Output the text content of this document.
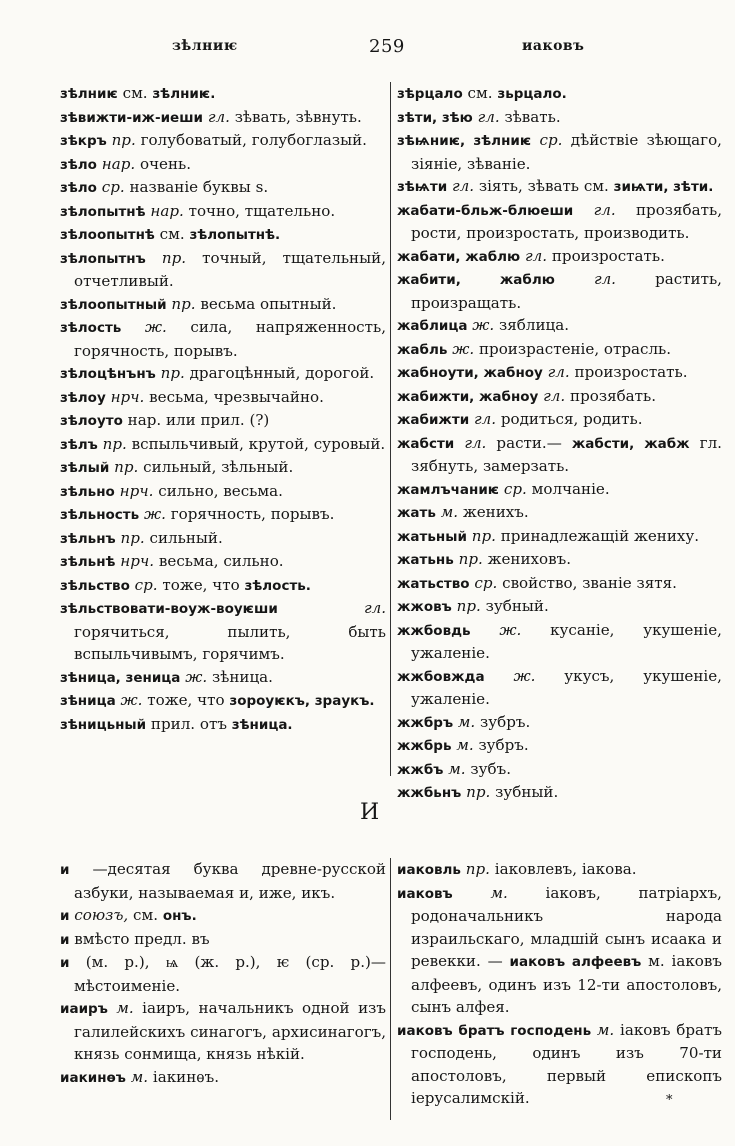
зѣлниѥ	259	иаковъ
зѣлниѥ см. зѣлниѥ.
зѣвижти-иж-иеши гл. зѣвать, зѣвнуть.
зѣкръ пр. голубоватый, голубоглазый.
зѣло нар. очень.
зѣло ср. названіе буквы s.
зѣлопытнѣ нар. точно, тщательно.
зѣлоопытнѣ см. зѣлопытнѣ.
зѣлопытнъ пр. точный, тщательный, отчетливый.
зѣлоопытный пр. весьма опытный.
зѣлость ж. сила, напряженность, горячность, порывъ.
зѣлоцѣнънъ пр. драгоцѣнный, дорогой.
зѣлоу нрч. весьма, чрезвычайно.
зѣлоуто нар. или прил. (?)
зѣлъ пр. вспыльчивый, крутой, суровый.
зѣлый пр. сильный, зѣльный.
зѣльно нрч. сильно, весьма.
зѣльность ж. горячность, порывъ.
зѣльнъ пр. сильный.
зѣльнѣ нрч. весьма, сильно.
зѣльство ср. тоже, что зѣлость.
зѣльствовати-воуж-воуѥши	гл. горячиться, пылить, быть вспыльчивымъ, горячимъ.
зѣница, зеница ж. зѣница.
зѣница ж. тоже, что зороуѥкъ, зраукъ.
зѣницьный прил. отъ зѣница.
зѣрцало см. зьрцало.
зѣти, зѣю гл. зѣвать.
зѣѩниѥ, зѣлниѥ ср. дѣйствіе зѣющаго, зіяніе, зѣваніе.
зѣѩти гл. зіять, зѣвать см. зиѩти, зѣти.
жабати-бльж-блюеши гл. прозябать, рости, произростать, производить.
жабати, жаблю гл. произростать.
жабити, жаблю	гл.	растить, произращать.
жаблица ж. зяблица.
жабль ж. произрастеніе, отрасль.
жабноути, жабноу гл. произростать.
жабижти, жабноу гл. прозябать.
жабижти гл. родиться, родить.
жабсти гл. расти.— жабсти, жабж гл. зябнуть, замерзать.
жамлъчаниѥ ср. молчаніе.
жать м. женихъ.
жатьный пр. принадлежащій жениху.
жатьнь пр. жениховъ.
жатьство ср. свойство, званіе зятя.
жжовъ пр. зубный.
жжбовдь ж. кусаніе, укушеніе, ужаленіе.
жжбовжда ж. укусъ, укушеніе, ужаленіе.
жжбръ м. зубръ.
жжбрь м. зубръ.
жжбъ м. зубъ.
жжбьнъ пр. зубный.
И
и —десятая буква древне-русской азбуки, называемая и, иже, икъ.
и союзъ, см. онъ.
и вмѣсто предл. въ
и (м. р.), ѩ (ж. р.), ѥ (ср. р.)—мѣстоименіе.
иаиръ м. іаиръ, начальникъ одной изъ галилейскихъ синагогъ, архисинагогъ, князь сонмища, князь нѣкій.
иакинѳъ м. іакинѳъ.
иаковль пр. іаковлевъ, іакова.
иаковъ	м.	іаковъ, патріархъ, родоначальникъ народа израильскаго, младшій сынъ исаака и ревекки. — иаковъ алфеевъ м. іаковъ алфеевъ, одинъ изъ 12-ти апостоловъ, сынъ алфея.
иаковъ братъ господень м. іаковъ братъ господень, одинъ изъ 70-ти апостоловъ, первый епископъ іерусалимскій.	*
